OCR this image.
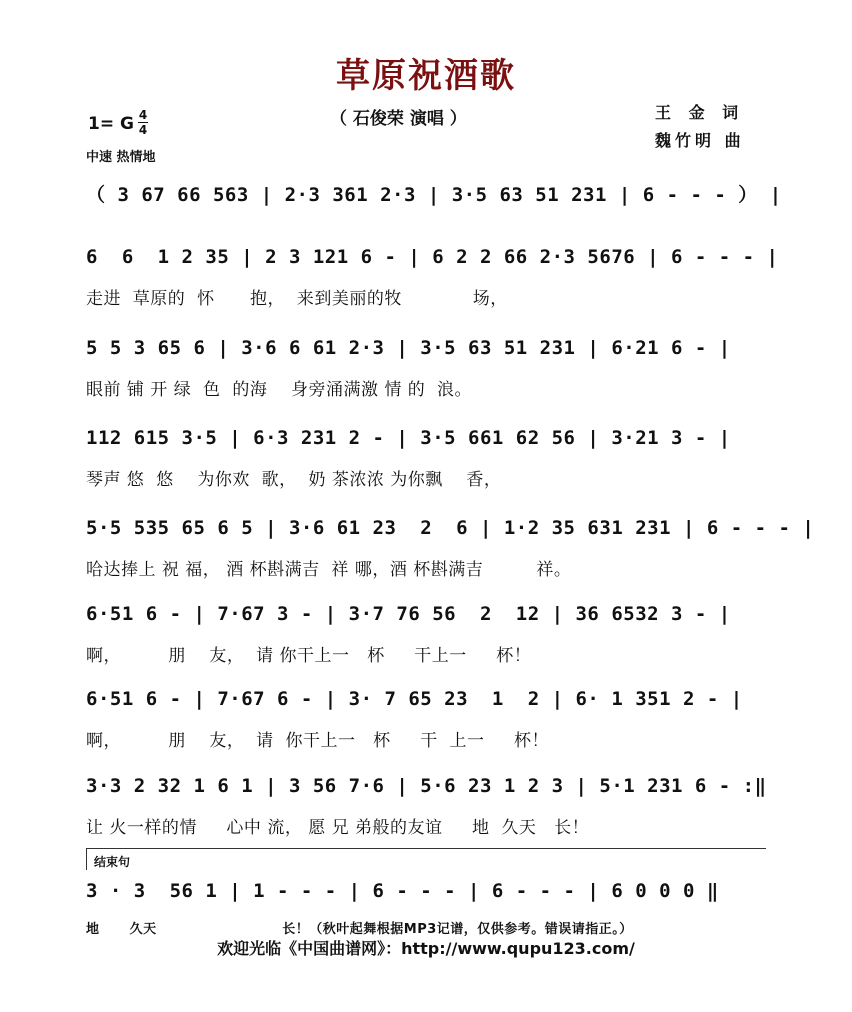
草原祝酒歌
（ 石俊荣 演唱 ）	王 金 词
魏竹明 曲
1= G 4
4
中速 热情地
（ 3 67 66 563 | 2·3 361 2·3 | 3·5 63 51 231 | 6 - - - ） |
6  6  1 2 35 | 2 3 121 6 - | 6 2 2 66 2·3 5676 | 6 - - - |
走进  草原的  怀      抱，  来到美丽的牧            场，
5 5 3 65 6 | 3·6 6 61 2·3 | 3·5 63 51 231 | 6·21 6 - |
眼前 铺 开 绿  色  的海    身旁涌满激 情 的  浪。
112 615 3·5 | 6·3 231 2 - | 3·5 661 62 56 | 3·21 3 - |
琴声 悠  悠    为你欢  歌，  奶 茶浓浓 为你飘    香，
5·5 535 65 6 5 | 3·6 61 23  2  6 | 1·2 35 631 231 | 6 - - - |
哈达捧上 祝 福， 酒 杯斟满吉  祥 哪，酒 杯斟满吉         祥。
6·51 6 - | 7·67 3 - | 3·7 76 56  2  12 | 36 6532 3 - |
啊，        朋    友，  请 你干上一   杯     干上一     杯！
6·51 6 - | 7·67 6 - | 3· 7 65 23  1  2 | 6· 1 351 2 - |
啊，        朋    友，  请  你干上一   杯     干  上一     杯！
3·3 2 32 1 6 1 | 3 56 7·6 | 5·6 23 1 2 3 | 5·1 231 6 - :‖
让 火一样的情     心中 流， 愿 兄 弟般的友谊     地  久天   长！
结束句
3 · 3  56 1 | 1 - - - | 6 - - - | 6 - - - | 6 0 0 0 ‖
地      久天                         长！（秋叶起舞根据MP3记谱，仅供参考。错误请指正。）
欢迎光临《中国曲谱网》：http://www.qupu123.com/
